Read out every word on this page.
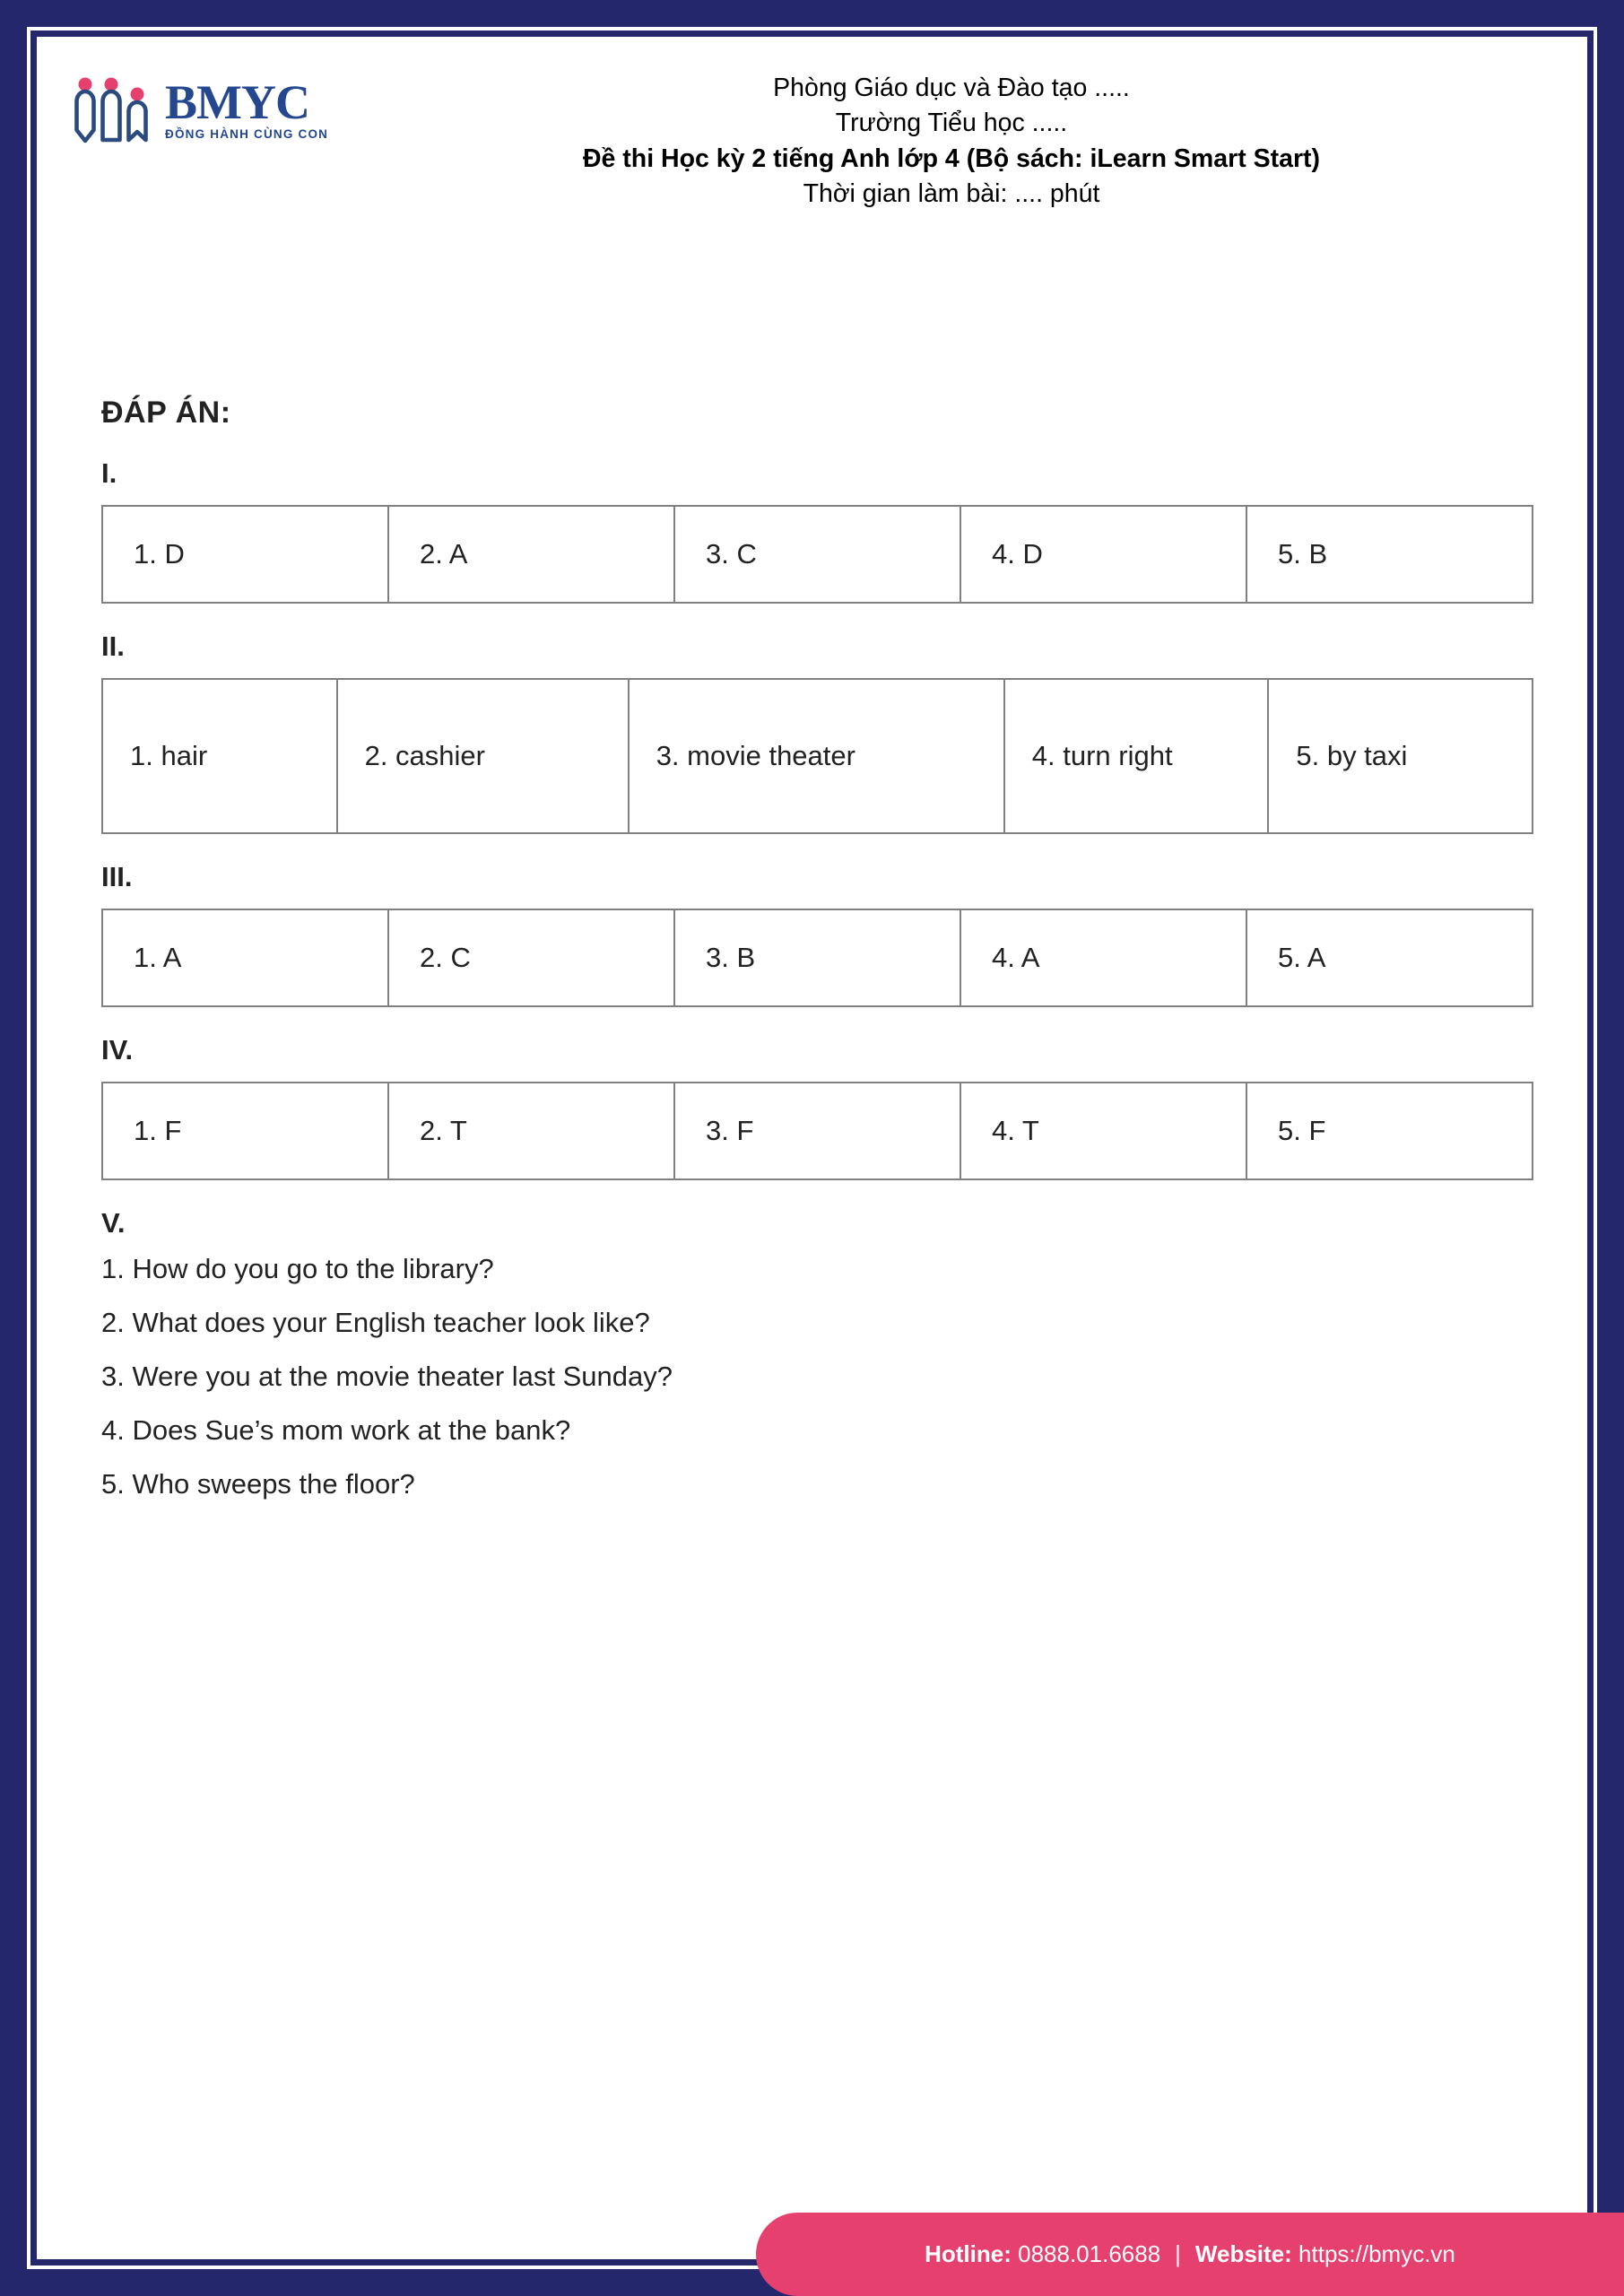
BMYC
ĐỒNG HÀNH CÙNG CON
Phòng Giáo dục và Đào tạo .....
Trường Tiểu học .....
Đề thi Học kỳ 2 tiếng Anh lớp 4 (Bộ sách: iLearn Smart Start)
Thời gian làm bài: .... phút
ĐÁP ÁN:
I.
1. D	2. A	3. C	4. D	5. B
II.
1. hair	2. cashier	3. movie theater	4. turn right	5. by taxi
III.
1. A	2. C	3. B	4. A	5. A
IV.
1. F	2. T	3. F	4. T	5. F
V.
1. How do you go to the library?
2. What does your English teacher look like?
3. Were you at the movie theater last Sunday?
4. Does Sue’s mom work at the bank?
5. Who sweeps the floor?
Hotline:
0888.01.6688 | Website:
https://bmyc.vn
